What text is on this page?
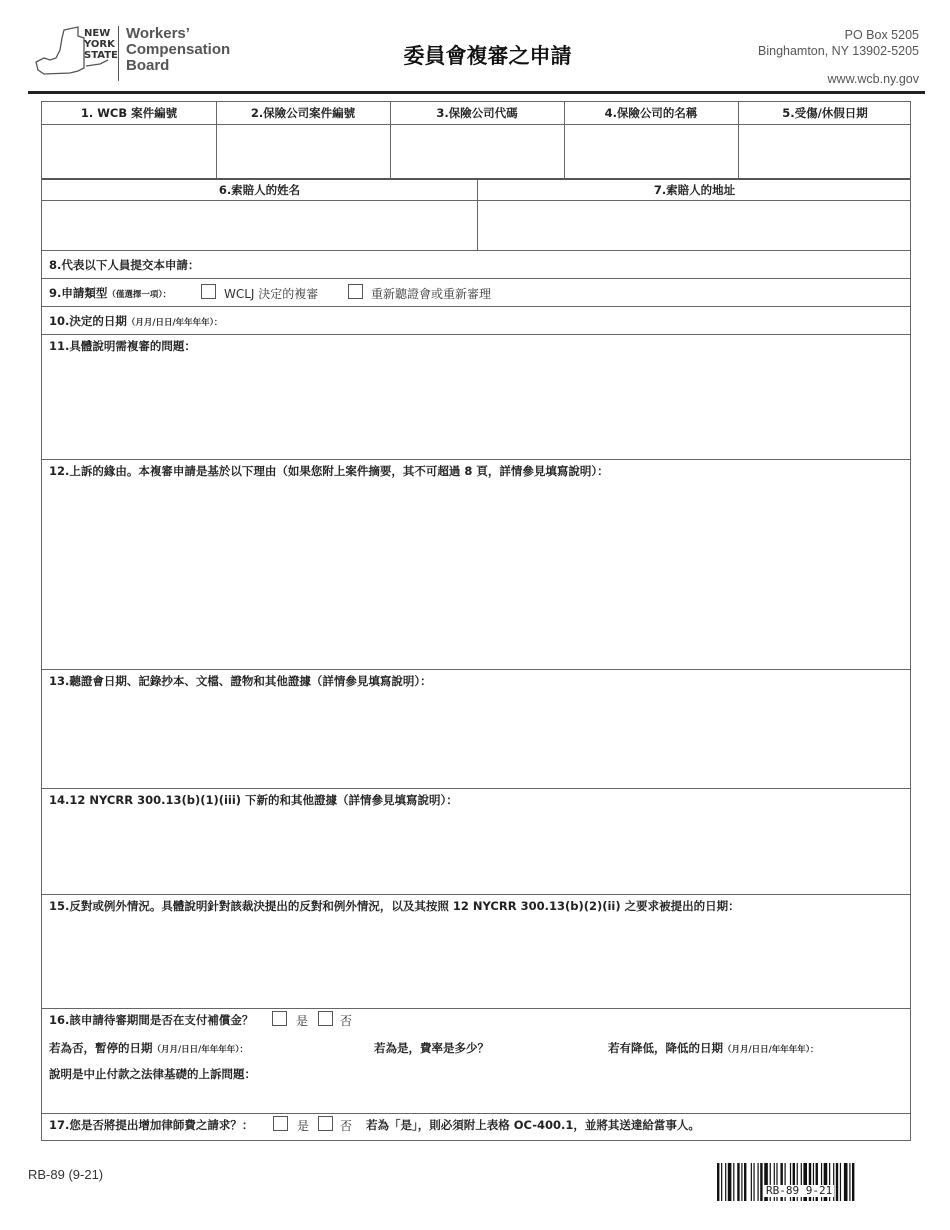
NEW
YORK
STATE
Workers’
Compensation
Board	委員會複審之申請
PO Box 5205
Binghamton, NY 13902-5205
www.wcb.ny.gov
1. WCB 案件編號	2.保險公司案件編號	3.保險公司代碼	4.保險公司的名稱	5.受傷/休假日期
6.索賠人的姓名	7.索賠人的地址
8.代表以下人員提交本申請：
9.申請類型（僅選擇一項）：	WCLJ 決定的複審	重新聽證會或重新審理
10.決定的日期（月月/日日/年年年年）：
11.具體說明需複審的問題：
12.上訴的緣由。本複審申請是基於以下理由（如果您附上案件摘要，其不可超過 8 頁，詳情參見填寫說明）：
13.聽證會日期、記錄抄本、文檔、證物和其他證據（詳情參見填寫說明）：
14.12 NYCRR 300.13(b)(1)(iii) 下新的和其他證據（詳情參見填寫說明）：
15.反對或例外情況。具體說明針對該裁決提出的反對和例外情況，以及其按照 12 NYCRR 300.13(b)(2)(ii) 之要求被提出的日期：
16.該申請待審期間是否在支付補償金？	是	否
若為否，暫停的日期（月月/日日/年年年年）：	若為是，費率是多少？	若有降低，降低的日期（月月/日日/年年年年）：
說明是中止付款之法律基礎的上訴問題：
17.您是否將提出增加律師費之請求？：	是	否 若為「是」，則必須附上表格 OC-400.1，並將其送達給當事人。
RB-89 (9-21)
RB-89 9-21
